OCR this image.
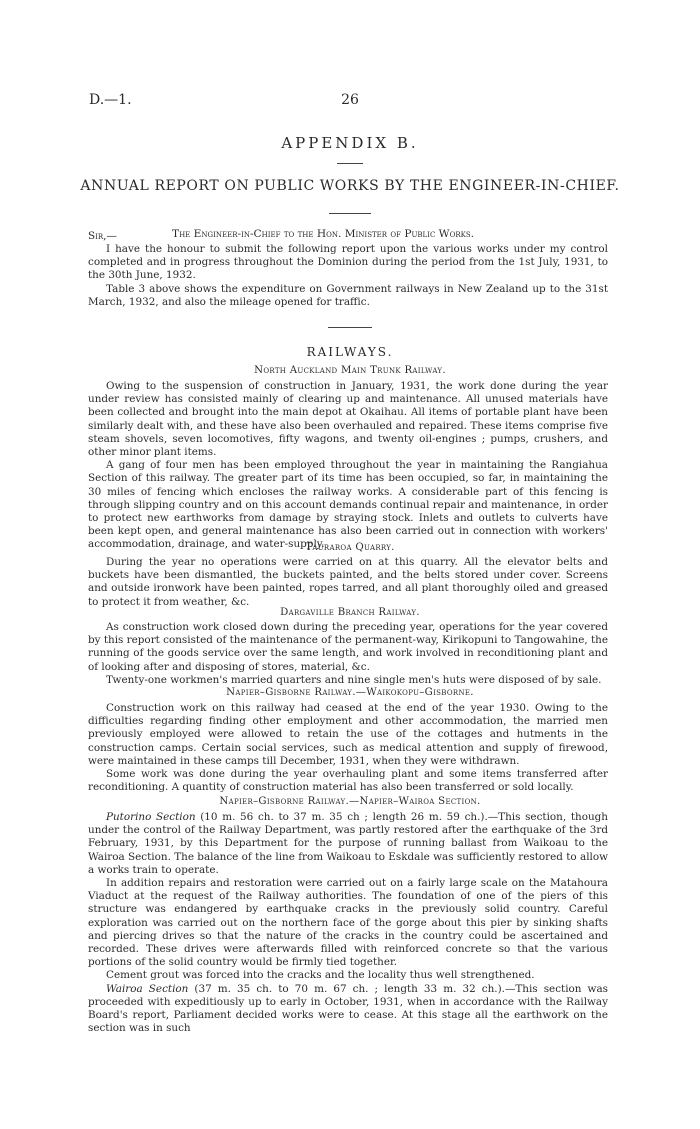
D.—1.	26
APPENDIX B.
ANNUAL REPORT ON PUBLIC WORKS BY THE ENGINEER-IN-CHIEF.
Sir,—	The Engineer-in-Chief to the Hon. Minister of Public Works.

I have the honour to submit the following report upon the various works under my control completed and in progress throughout the Dominion during the period from the 1st July, 1931, to the 30th June, 1932.

Table 3 above shows the expenditure on Government railways in New Zealand up to the 31st March, 1932, and also the mileage opened for traffic.

RAILWAYS.
North Auckland Main Trunk Railway.

Owing to the suspension of construction in January, 1931, the work done during the year under review has consisted mainly of clearing up and maintenance. All unused materials have been collected and brought into the main depot at Okaihau. All items of portable plant have been similarly dealt with, and these have also been overhauled and repaired. These items comprise five steam shovels, seven locomotives, fifty wagons, and twenty oil-engines ; pumps, crushers, and other minor plant items.

A gang of four men has been employed throughout the year in maintaining the Rangiahua Section of this railway. The greater part of its time has been occupied, so far, in maintaining the 30 miles of fencing which encloses the railway works. A considerable part of this fencing is through slipping country and on this account demands continual repair and maintenance, in order to protect new earthworks from damage by straying stock. Inlets and outlets to culverts have been kept open, and general maintenance has also been carried out in connection with workers' accommodation, drainage, and water-supply.

Tauraroa Quarry.

During the year no operations were carried on at this quarry. All the elevator belts and buckets have been dismantled, the buckets painted, and the belts stored under cover. Screens and outside ironwork have been painted, ropes tarred, and all plant thoroughly oiled and greased to protect it from weather, &c.

Dargaville Branch Railway.

As construction work closed down during the preceding year, operations for the year covered by this report consisted of the maintenance of the permanent-way, Kirikopuni to Tangowahine, the running of the goods service over the same length, and work involved in reconditioning plant and of looking after and disposing of stores, material, &c.

Twenty-one workmen's married quarters and nine single men's huts were disposed of by sale.

Napier–Gisborne Railway.—Waikokopu–Gisborne.

Construction work on this railway had ceased at the end of the year 1930. Owing to the difficulties regarding finding other employment and other accommodation, the married men previously employed were allowed to retain the use of the cottages and hutments in the construction camps. Certain social services, such as medical attention and supply of firewood, were maintained in these camps till December, 1931, when they were withdrawn.

Some work was done during the year overhauling plant and some items transferred after reconditioning. A quantity of construction material has also been transferred or sold locally.

Napier–Gisborne Railway.—Napier–Wairoa Section.

Putorino Section (10 m. 56 ch. to 37 m. 35 ch ; length 26 m. 59 ch.).—This section, though under the control of the Railway Department, was partly restored after the earthquake of the 3rd February, 1931, by this Department for the purpose of running ballast from Waikoau to the Wairoa Section. The balance of the line from Waikoau to Eskdale was sufficiently restored to allow a works train to operate.

In addition repairs and restoration were carried out on a fairly large scale on the Matahoura Viaduct at the request of the Railway authorities. The foundation of one of the piers of this structure was endangered by earthquake cracks in the previously solid country. Careful exploration was carried out on the northern face of the gorge about this pier by sinking shafts and piercing drives so that the nature of the cracks in the country could be ascertained and recorded. These drives were afterwards filled with reinforced concrete so that the various portions of the solid country would be firmly tied together.

Cement grout was forced into the cracks and the locality thus well strengthened.

Wairoa Section (37 m. 35 ch. to 70 m. 67 ch. ; length 33 m. 32 ch.).—This section was proceeded with expeditiously up to early in October, 1931, when in accordance with the Railway Board's report, Parliament decided works were to cease. At this stage all the earthwork on the section was in such
